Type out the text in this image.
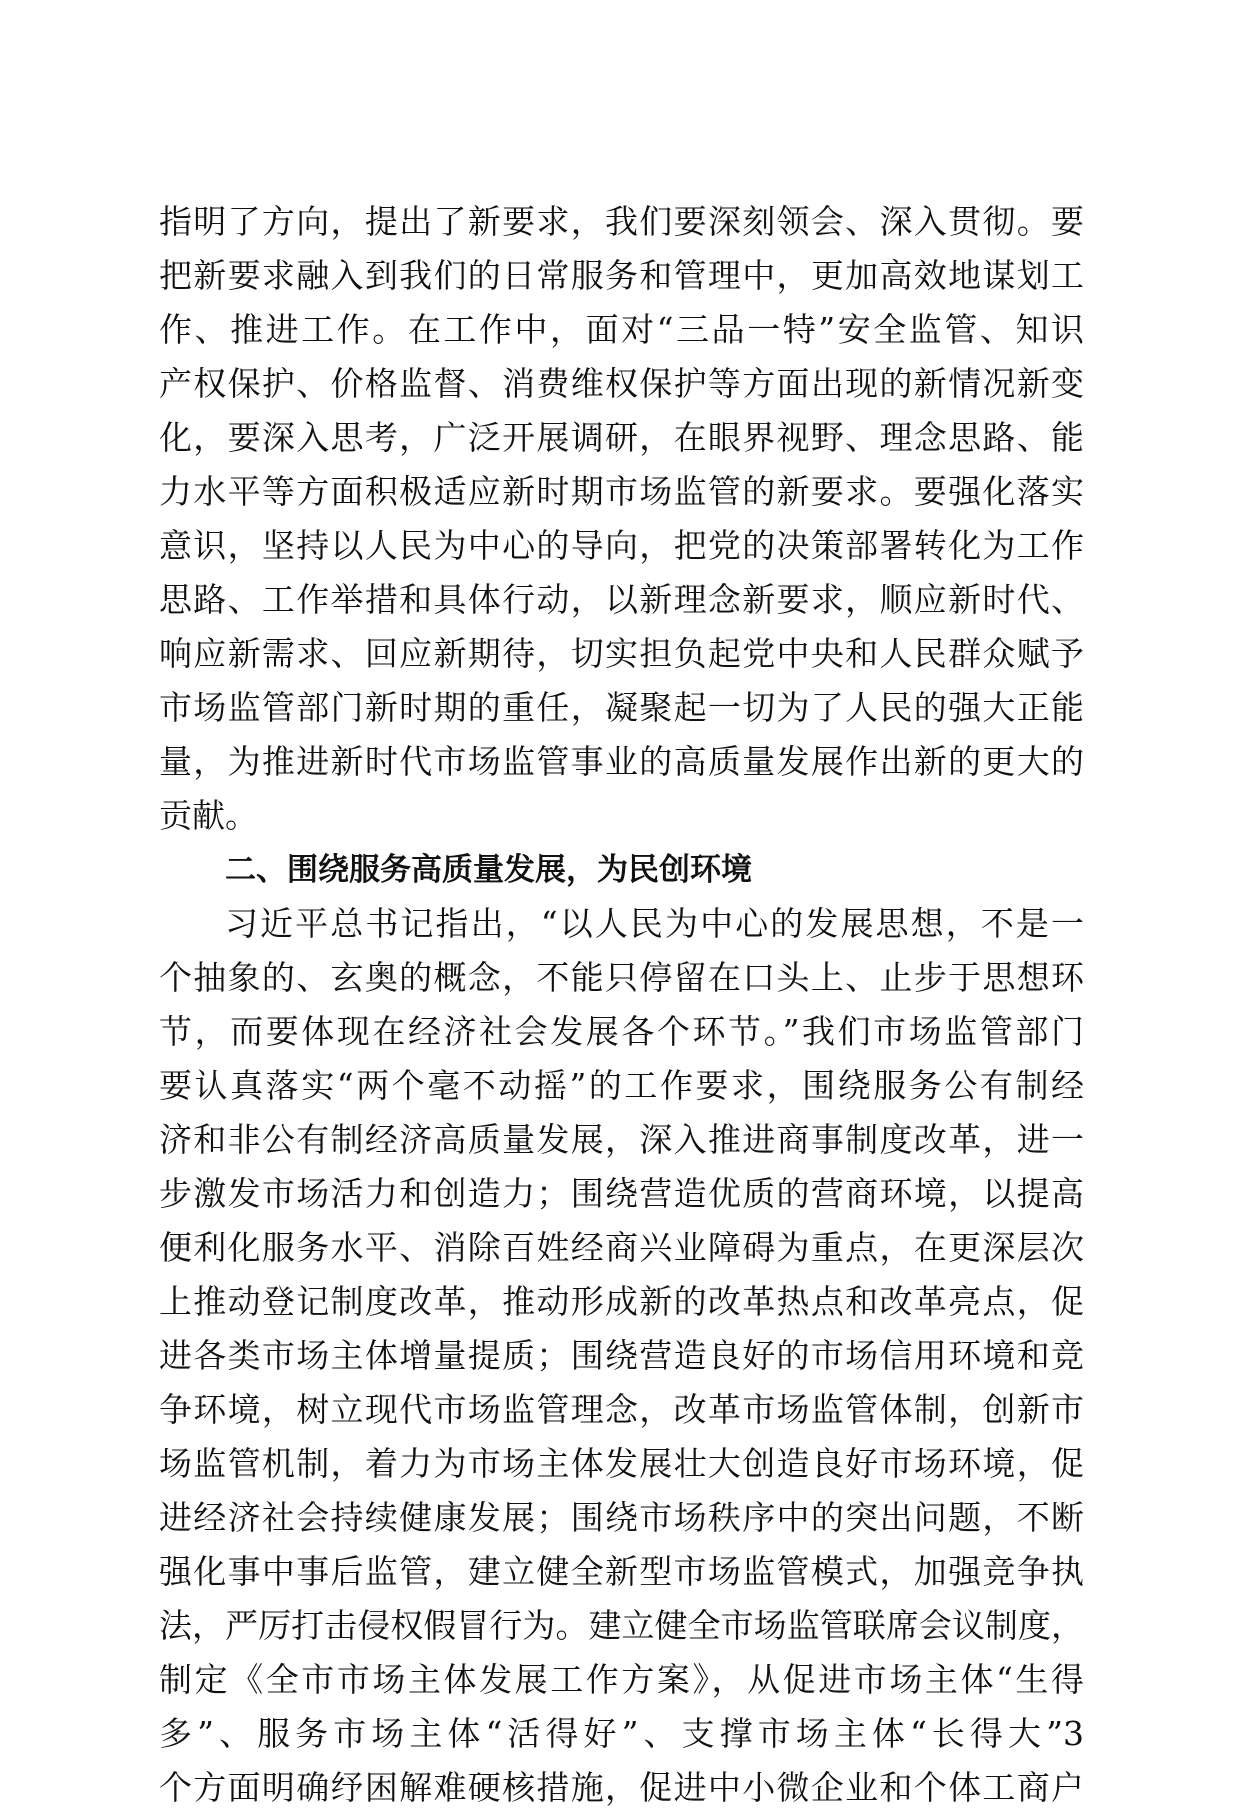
指明了方向，提出了新要求，我们要深刻领会、深入贯彻。要
把新要求融入到我们的日常服务和管理中，更加高效地谋划工
作、推进工作。在工作中，面对“三品一特”安全监管、知识
产权保护、价格监督、消费维权保护等方面出现的新情况新变
化，要深入思考，广泛开展调研，在眼界视野、理念思路、能
力水平等方面积极适应新时期市场监管的新要求。要强化落实
意识，坚持以人民为中心的导向，把党的决策部署转化为工作
思路、工作举措和具体行动，以新理念新要求，顺应新时代、
响应新需求、回应新期待，切实担负起党中央和人民群众赋予
市场监管部门新时期的重任，凝聚起一切为了人民的强大正能
量，为推进新时代市场监管事业的高质量发展作出新的更大的
贡献。
二、围绕服务高质量发展，为民创环境
习近平总书记指出，“以人民为中心的发展思想，不是一
个抽象的、玄奥的概念，不能只停留在口头上、止步于思想环
节，而要体现在经济社会发展各个环节。”我们市场监管部门
要认真落实“两个毫不动摇”的工作要求，围绕服务公有制经
济和非公有制经济高质量发展，深入推进商事制度改革，进一
步激发市场活力和创造力；围绕营造优质的营商环境，以提高
便利化服务水平、消除百姓经商兴业障碍为重点，在更深层次
上推动登记制度改革，推动形成新的改革热点和改革亮点，促
进各类市场主体增量提质；围绕营造良好的市场信用环境和竞
争环境，树立现代市场监管理念，改革市场监管体制，创新市
场监管机制，着力为市场主体发展壮大创造良好市场环境，促
进经济社会持续健康发展；围绕市场秩序中的突出问题，不断
强化事中事后监管，建立健全新型市场监管模式，加强竞争执
法，严厉打击侵权假冒行为。建立健全市场监管联席会议制度，
制定《全市市场主体发展工作方案》，从促进市场主体“生得
多”、服务市场主体“活得好”、支撑市场主体“长得大”3
个方面明确纾困解难硬核措施，促进中小微企业和个体工商户
